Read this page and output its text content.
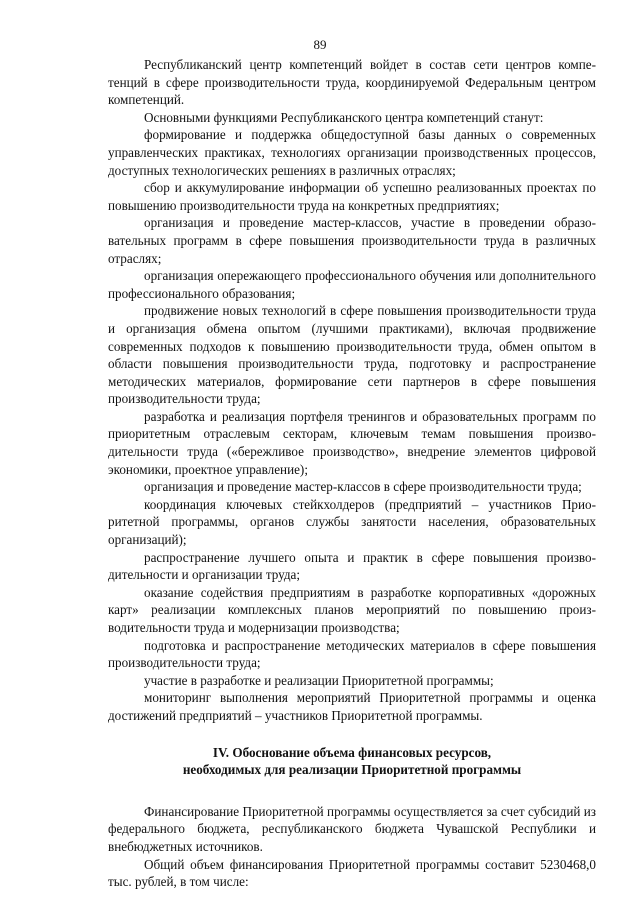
89

Республиканский центр компетенций войдет в состав сети центров компетенций в сфере производительности труда, координируемой Федеральным центром компетенций.

Основными функциями Республиканского центра компетенций станут:

формирование и поддержка общедоступной базы данных о современных управленческих практиках, технологиях организации производственных процессов, доступных технологических решениях в различных отраслях;

сбор и аккумулирование информации об успешно реализованных проектах по повышению производительности труда на конкретных предприятиях;

организация и проведение мастер-классов, участие в проведении образовательных программ в сфере повышения производительности труда в различных отраслях;

организация опережающего профессионального обучения или дополнительного профессионального образования;

продвижение новых технологий в сфере повышения производительности труда и организация обмена опытом (лучшими практиками), включая продвижение современных подходов к повышению производительности труда, обмен опытом в области повышения производительности труда, подготовку и распространение методических материалов, формирование сети партнеров в сфере повышения производительности труда;

разработка и реализация портфеля тренингов и образовательных программ по приоритетным отраслевым секторам, ключевым темам повышения производительности труда («бережливое производство», внедрение элементов цифровой экономики, проектное управление);

организация и проведение мастер-классов в сфере производительности труда;

координация ключевых стейкхолдеров (предприятий – участников Приоритетной программы, органов службы занятости населения, образовательных организаций);

распространение лучшего опыта и практик в сфере повышения производительности и организации труда;

оказание содействия предприятиям в разработке корпоративных «дорожных карт» реализации комплексных планов мероприятий по повышению производительности труда и модернизации производства;

подготовка и распространение методических материалов в сфере повышения производительности труда;

участие в разработке и реализации Приоритетной программы;

мониторинг выполнения мероприятий Приоритетной программы и оценка достижений предприятий – участников Приоритетной программы.

IV. Обоснование объема финансовых ресурсов,
необходимых для реализации Приоритетной программы

Финансирование Приоритетной программы осуществляется за счет субсидий из федерального бюджета, республиканского бюджета Чувашской Республики и внебюджетных источников.

Общий объем финансирования Приоритетной программы составит 5230468,0 тыс. рублей, в том числе:
